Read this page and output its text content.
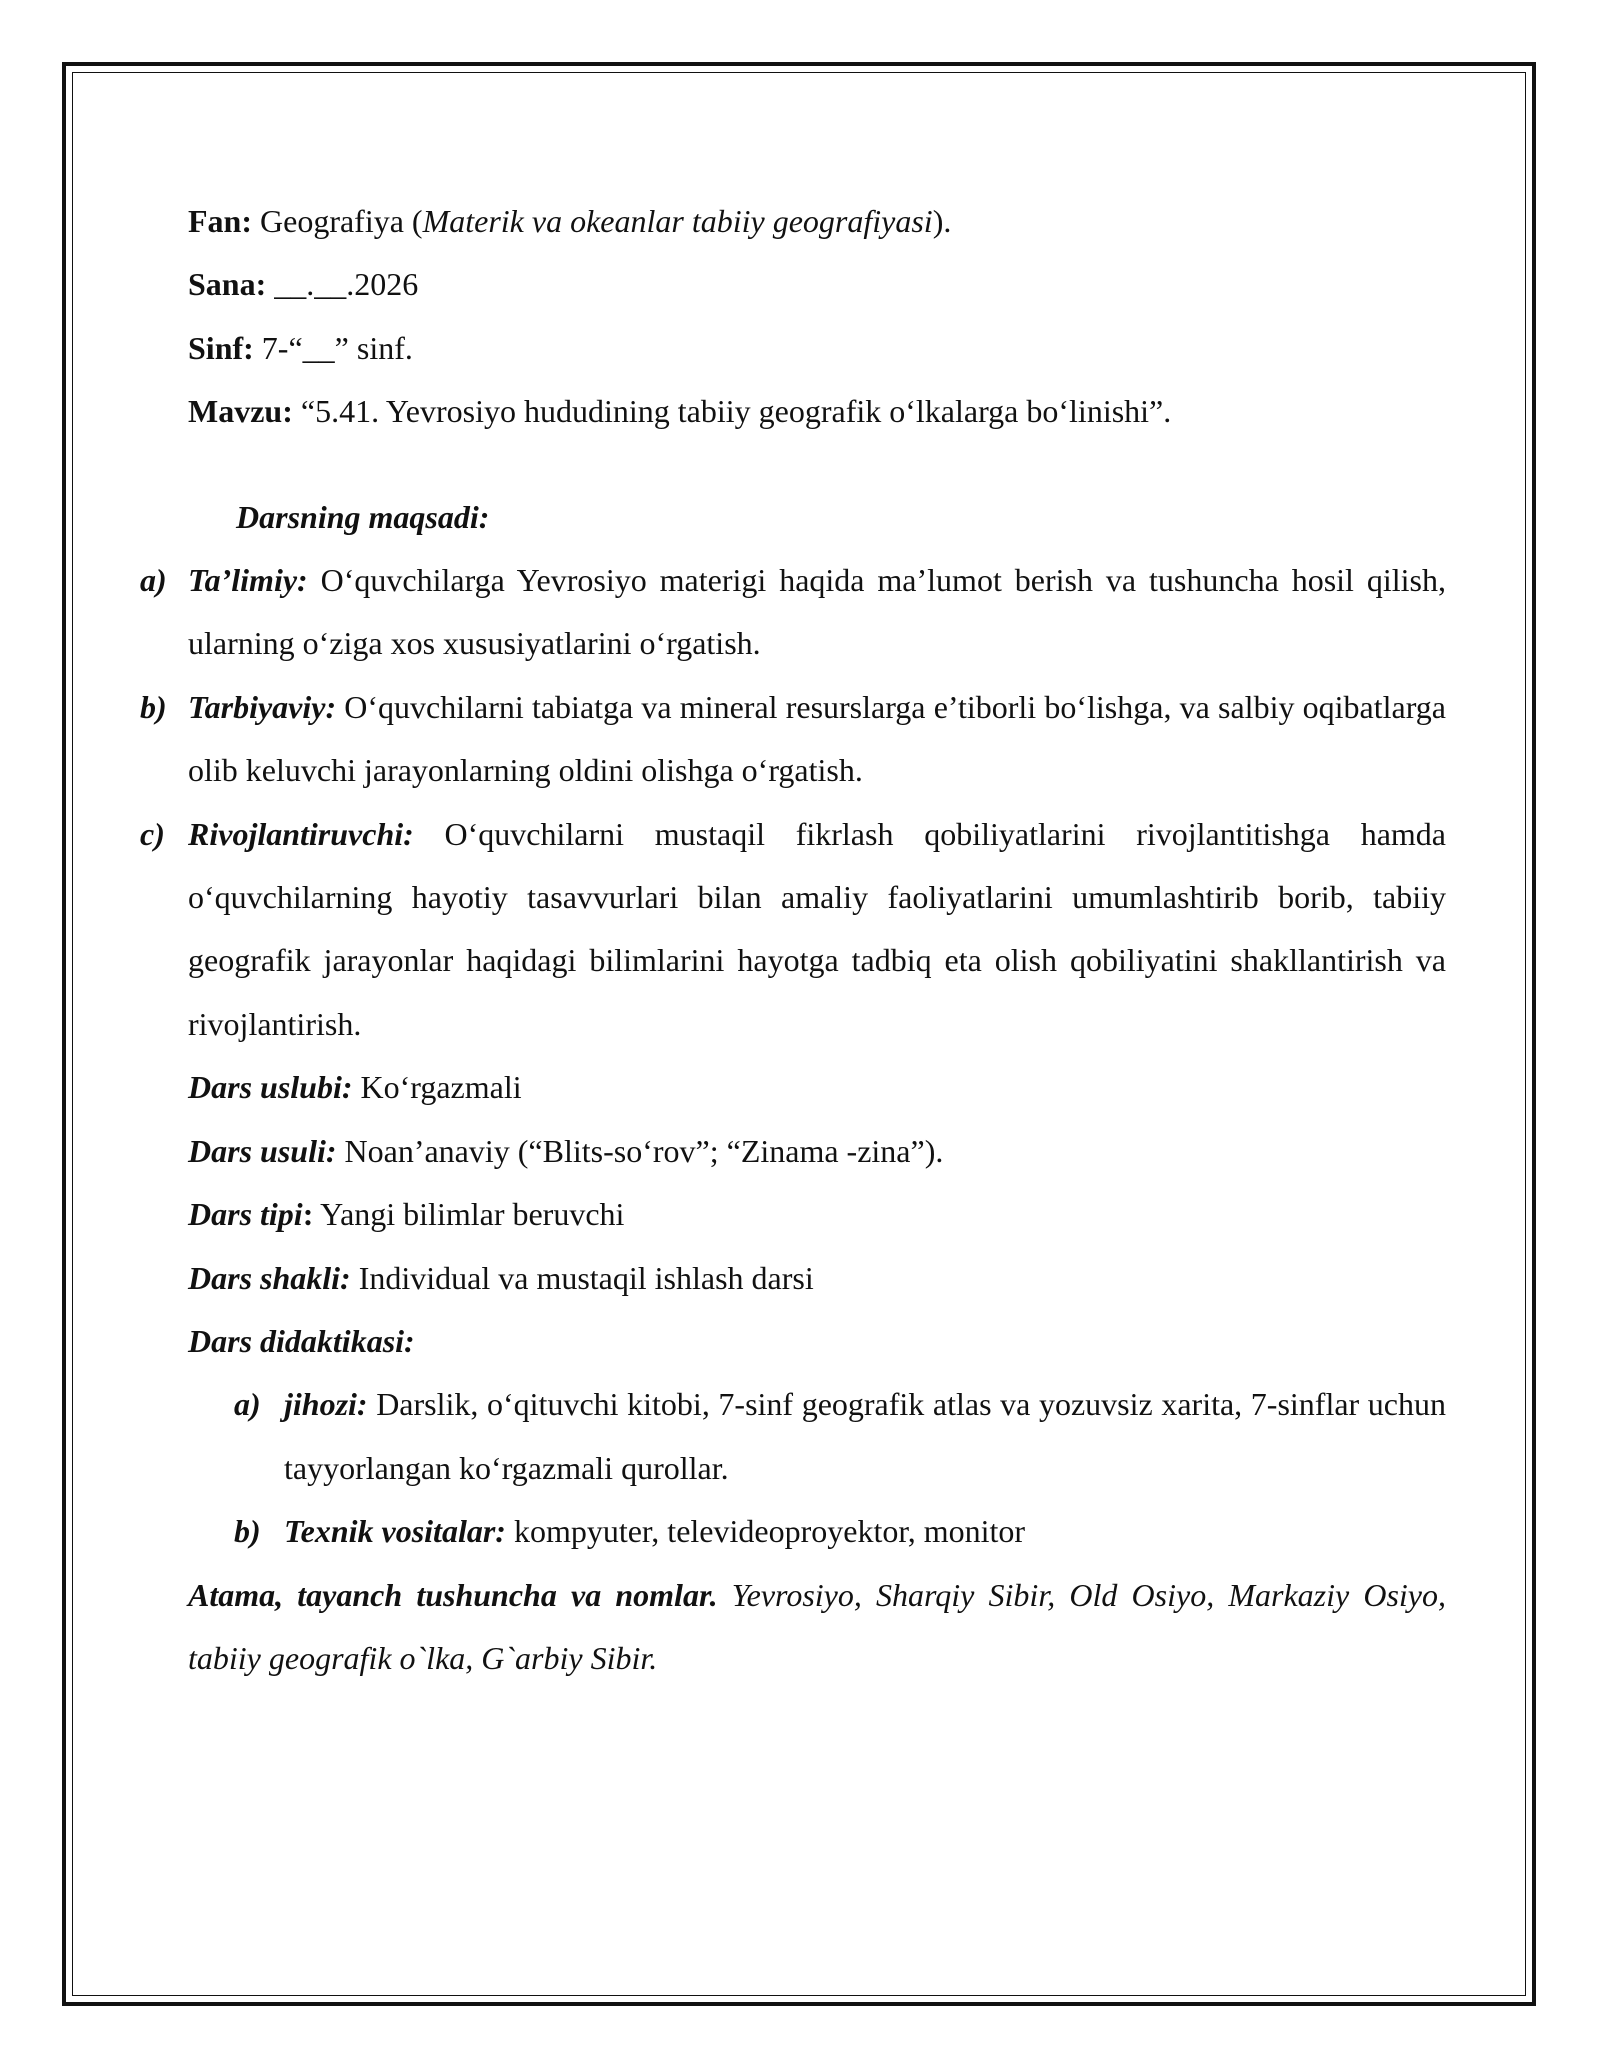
Fan: Geografiya (Materik va okeanlar tabiiy geografiyasi).

Sana: __.__.2026

Sinf: 7-“__” sinf.

Mavzu: “5.41. Yevrosiyo hududining tabiiy geografik o‘lkalarga bo‘linishi”.

Darsning maqsadi:

a) Ta’limiy: O‘quvchilarga Yevrosiyo materigi haqida ma’lumot berish va tushuncha hosil qilish, ularning o‘ziga xos xususiyatlarini o‘rgatish.
b) Tarbiyaviy: O‘quvchilarni tabiatga va mineral resurslarga e’tiborli bo‘lishga, va salbiy oqibatlarga olib keluvchi jarayonlarning oldini olishga o‘rgatish.
c) Rivojlantiruvchi: O‘quvchilarni mustaqil fikrlash qobiliyatlarini rivojlantitishga hamda o‘quvchilarning hayotiy tasavvurlari bilan amaliy faoliyatlarini umumlashtirib borib, tabiiy geografik jarayonlar haqidagi bilimlarini hayotga tadbiq eta olish qobiliyatini shakllantirish va rivojlantirish.

Dars uslubi: Ko‘rgazmali

Dars usuli: Noan’anaviy (“Blits-so‘rov”; “Zinama -zina”).

Dars tipi: Yangi bilimlar beruvchi

Dars shakli: Individual va mustaqil ishlash darsi

Dars didaktikasi:

a) jihozi: Darslik, o‘qituvchi kitobi, 7-sinf geografik atlas va yozuvsiz xarita, 7-sinflar uchun tayyorlangan ko‘rgazmali qurollar.
b) Texnik vositalar: kompyuter, televideoproyektor, monitor
Atama, tayanch tushuncha va nomlar. Yevrosiyo, Sharqiy Sibir, Old Osiyo, Markaziy Osiyo, tabiiy geografik o`lka, G`arbiy Sibir.
